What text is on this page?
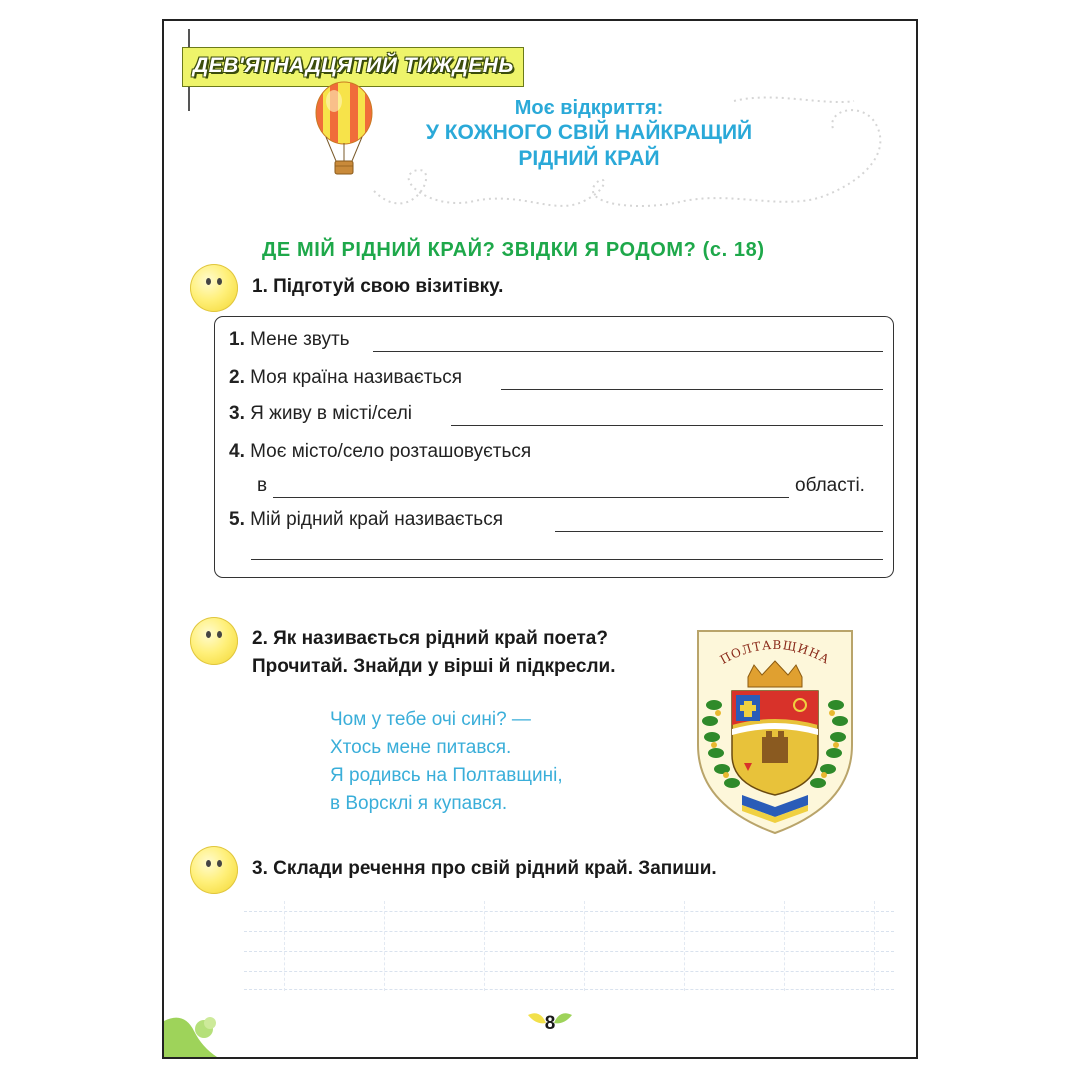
ДЕВ'ЯТНАДЦЯТИЙ ТИЖДЕНЬ
Моє відкриття:
У КОЖНОГО СВІЙ НАЙКРАЩИЙ
РІДНИЙ КРАЙ
ДЕ МІЙ РІДНИЙ КРАЙ? ЗВІДКИ Я РОДОМ? (с. 18)
1. Підготуй свою візитівку.
1. Мене звуть
2. Моя країна називається
3. Я живу в місті/селі
4. Моє місто/село розташовується
в	області.
5. Мій рідний край називається
2. Як називається рідний край поета?
Прочитай. Знайди у вірші й підкресли.
Чом у тебе очі сині? —
Хтось мене питався.
Я родивсь на Полтавщині,
в Ворсклі я купався.
ПОЛТАВЩИНА
3. Склади речення про свій рідний край. Запиши.
8
